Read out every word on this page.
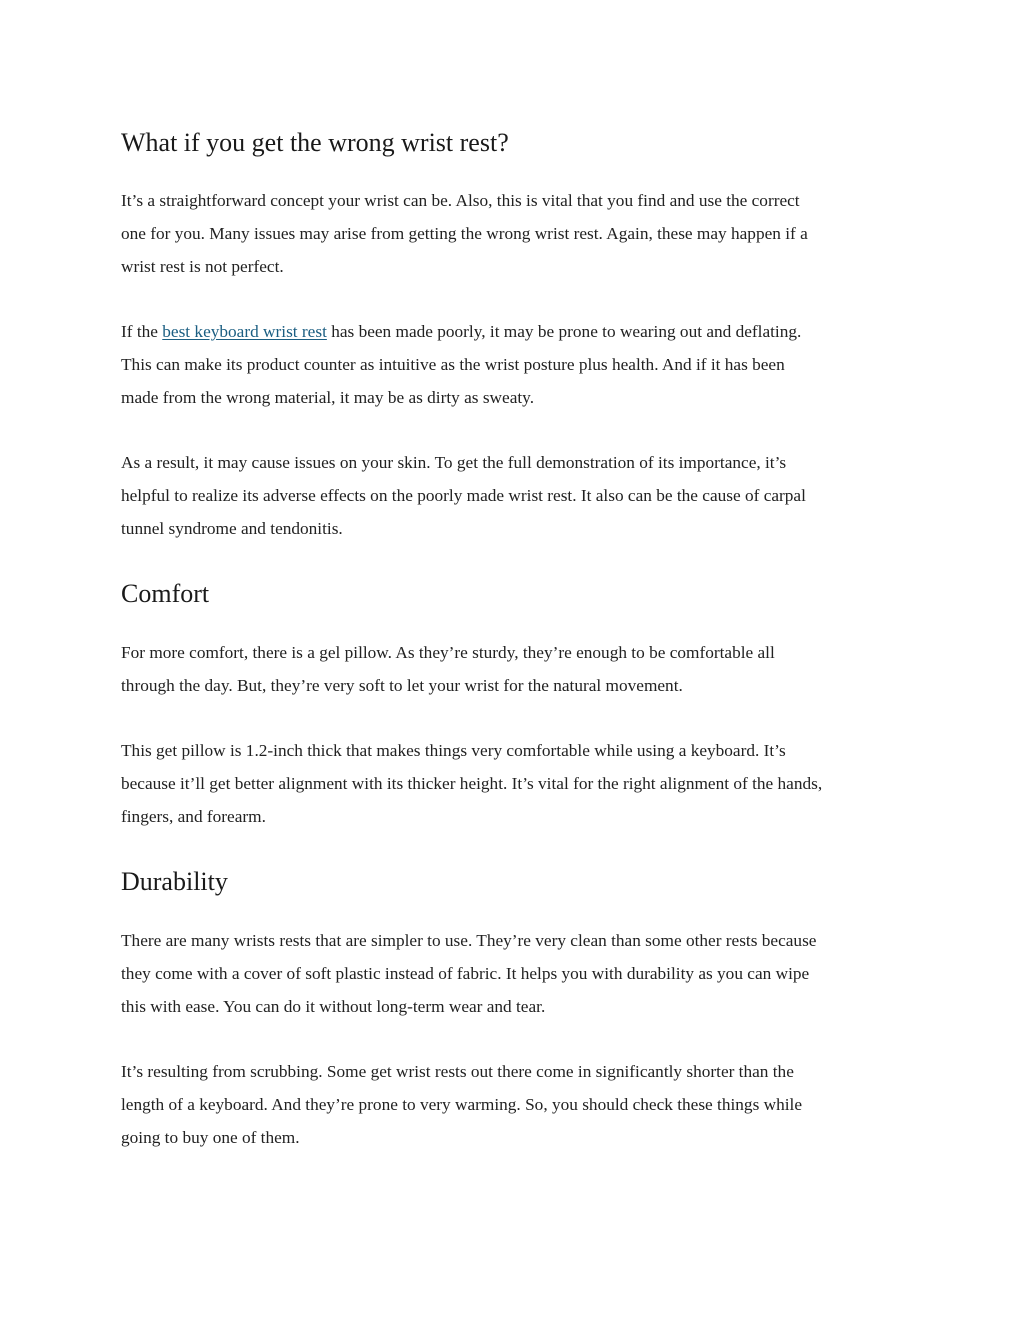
What if you get the wrong wrist rest?

It’s a straightforward concept your wrist can be. Also, this is vital that you find and use the correct
one for you. Many issues may arise from getting the wrong wrist rest. Again, these may happen if a
wrist rest is not perfect.

If the best keyboard wrist rest has been made poorly, it may be prone to wearing out and deflating.
This can make its product counter as intuitive as the wrist posture plus health. And if it has been
made from the wrong material, it may be as dirty as sweaty.

As a result, it may cause issues on your skin. To get the full demonstration of its importance, it’s
helpful to realize its adverse effects on the poorly made wrist rest. It also can be the cause of carpal
tunnel syndrome and tendonitis.

Comfort

For more comfort, there is a gel pillow. As they’re sturdy, they’re enough to be comfortable all
through the day. But, they’re very soft to let your wrist for the natural movement.

This get pillow is 1.2-inch thick that makes things very comfortable while using a keyboard. It’s
because it’ll get better alignment with its thicker height. It’s vital for the right alignment of the hands,
fingers, and forearm.

Durability

There are many wrists rests that are simpler to use. They’re very clean than some other rests because
they come with a cover of soft plastic instead of fabric. It helps you with durability as you can wipe
this with ease. You can do it without long-term wear and tear.

It’s resulting from scrubbing. Some get wrist rests out there come in significantly shorter than the
length of a keyboard. And they’re prone to very warming. So, you should check these things while
going to buy one of them.
